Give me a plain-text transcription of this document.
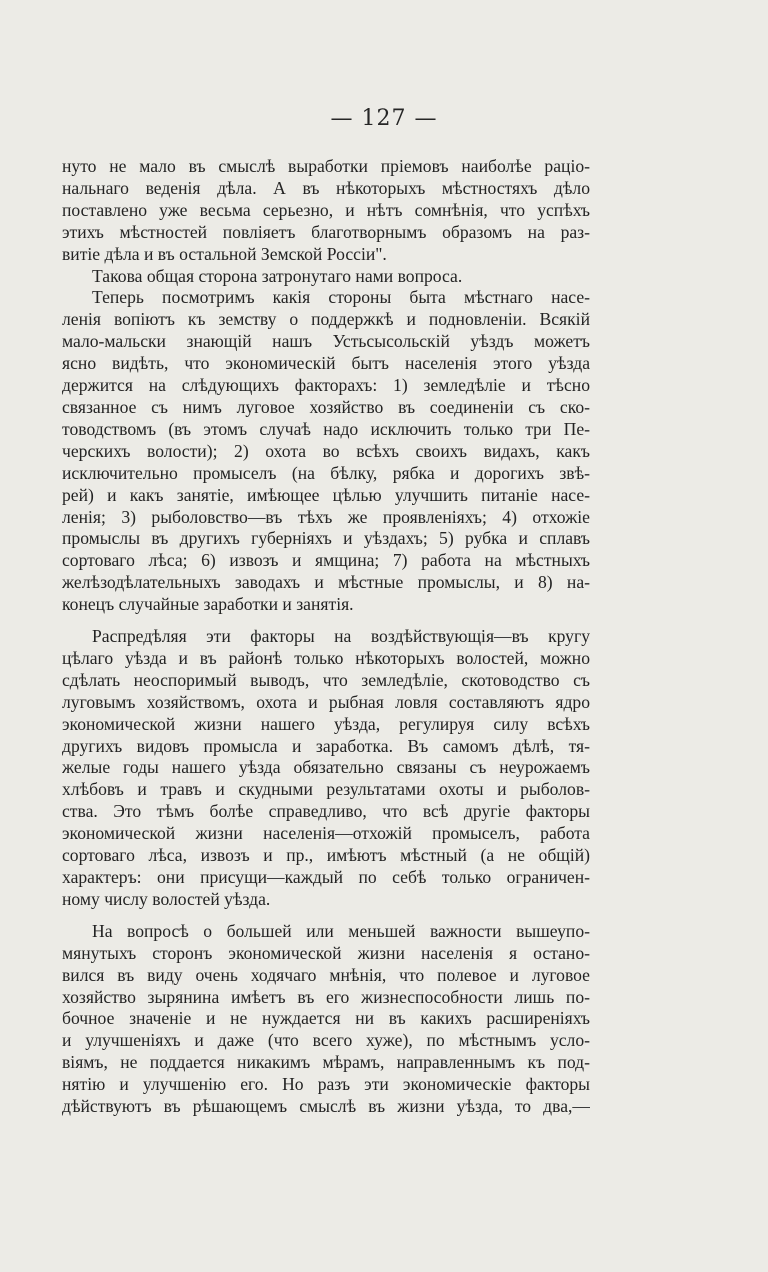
— 127 —
нуто не мало въ смыслѣ выработки пріемовъ наиболѣе раціо-
нальнаго веденія дѣла. А въ нѣкоторыхъ мѣстностяхъ дѣло
поставлено уже весьма серьезно, и нѣтъ сомнѣнія, что успѣхъ
этихъ мѣстностей повліяетъ благотворнымъ образомъ на раз-
витіе дѣла и въ остальной Земской Россіи".
Такова общая сторона затронутаго нами вопроса.
Теперь посмотримъ какія стороны быта мѣстнаго насе-
ленія вопіютъ къ земству о поддержкѣ и подновленіи. Всякій
мало-мальски знающій нашъ Устьсысольскій уѣздъ можетъ
ясно видѣть, что экономическій бытъ населенія этого уѣзда
держится на слѣдующихъ факторахъ: 1) земледѣліе и тѣсно
связанное съ нимъ луговое хозяйство въ соединеніи съ ско-
товодствомъ (въ этомъ случаѣ надо исключить только три Пе-
черскихъ волости); 2) охота во всѣхъ своихъ видахъ, какъ
исключительно промыселъ (на бѣлку, рябка и дорогихъ звѣ-
рей) и какъ занятіе, имѣющее цѣлью улучшить питаніе насе-
ленія; 3) рыболовство—въ тѣхъ же проявленіяхъ; 4) отхожіе
промыслы въ другихъ губерніяхъ и уѣздахъ; 5) рубка и сплавъ
сортоваго лѣса; 6) извозъ и ямщина; 7) работа на мѣстныхъ
желѣзодѣлательныхъ заводахъ и мѣстные промыслы, и 8) на-
конецъ случайные заработки и занятія.
Распредѣляя эти факторы на воздѣйствующія—въ кругу
цѣлаго уѣзда и въ районѣ только нѣкоторыхъ волостей, можно
сдѣлать неоспоримый выводъ, что земледѣліе, скотоводство съ
луговымъ хозяйствомъ, охота и рыбная ловля составляютъ ядро
экономической жизни нашего уѣзда, регулируя силу всѣхъ
другихъ видовъ промысла и заработка. Въ самомъ дѣлѣ, тя-
желые годы нашего уѣзда обязательно связаны съ неурожаемъ
хлѣбовъ и травъ и скудными результатами охоты и рыболов-
ства. Это тѣмъ болѣе справедливо, что всѣ другіе факторы
экономической жизни населенія—отхожій промыселъ, работа
сортоваго лѣса, извозъ и пр., имѣютъ мѣстный (а не общій)
характеръ: они присущи—каждый по себѣ только ограничен-
ному числу волостей уѣзда.
На вопросѣ о большей или меньшей важности вышеупо-
мянутыхъ сторонъ экономической жизни населенія я остано-
вился въ виду очень ходячаго мнѣнія, что полевое и луговое
хозяйство зырянина имѣетъ въ его жизнеспособности лишь по-
бочное значеніе и не нуждается ни въ какихъ расширеніяхъ
и улучшеніяхъ и даже (что всего хуже), по мѣстнымъ усло-
віямъ, не поддается никакимъ мѣрамъ, направленнымъ къ под-
нятію и улучшенію его. Но разъ эти экономическіе факторы
дѣйствуютъ въ рѣшающемъ смыслѣ въ жизни уѣзда, то два,—
